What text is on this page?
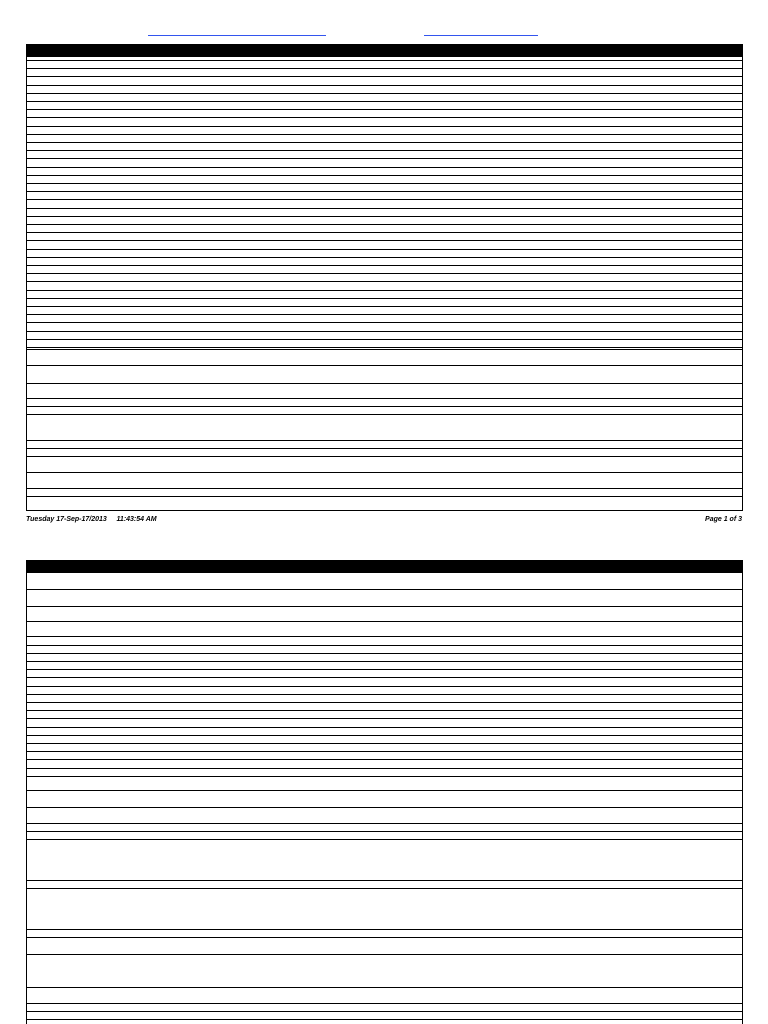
Tuesday 17-Sep-17/2013 11:43:54 AM	Page 1 of 3
